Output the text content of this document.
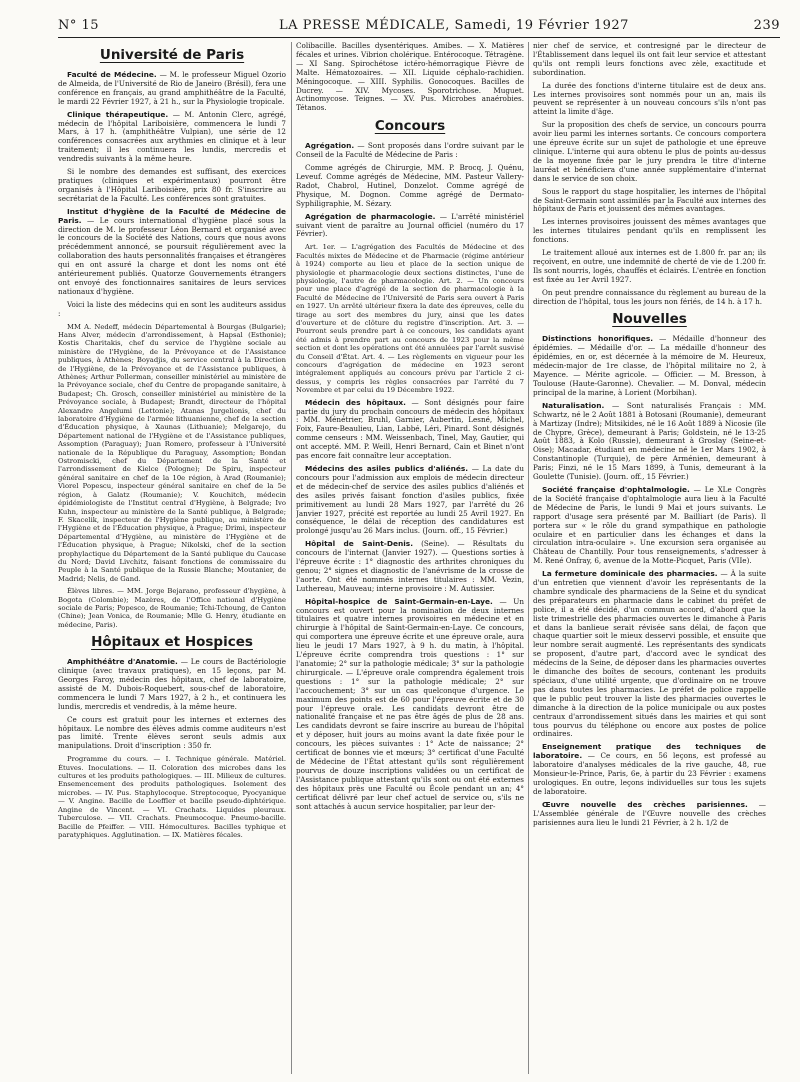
N° 15	LA PRESSE MÉDICALE, Samedi, 19 Février 1927	239
Université de Paris

Faculté de Médecine. — M. le professeur Miguel Ozorio de Almeida, de l'Université de Rio de Janeiro (Brésil), fera une conférence en français, au grand amphithéâtre de la Faculté, le mardi 22 Février 1927, à 21 h., sur la Physiologie tropicale.

Clinique thérapeutique. — M. Antonin Clerc, agrégé, médecin de l'hôpital Lariboisière, commencera le lundi 7 Mars, à 17 h. (amphithéâtre Vulpian), une série de 12 conférences consacrées aux arythmies en clinique et à leur traitement; il les continuera les lundis, mercredis et vendredis suivants à la même heure.

Si le nombre des demandes est suffisant, des exercices pratiques (cliniques et expérimentaux) pourront être organisés à l'Hôpital Lariboisière, prix 80 fr. S'inscrire au secrétariat de la Faculté. Les conférences sont gratuites.

Institut d'hygiène de la Faculté de Médecine de Paris. — Le cours international d'hygiène placé sous la direction de M. le professeur Léon Bernard et organisé avec le concours de la Société des Nations, cours que nous avons précédemment annoncé, se poursuit régulièrement avec la collaboration des hauts personnalités françaises et étrangères qui en ont assuré la charge et dont les noms ont été antérieurement publiés. Quatorze Gouvernements étrangers ont envoyé des fonctionnaires sanitaires de leurs services nationaux d'hygiène.

Voici la liste des médecins qui en sont les auditeurs assidus :

MM A. Nedeff, médecin Départemental à Bourgas (Bulgarie); Hans Alver, médecin d'arrondissement, à Hapsal (Esthonie); Kostis Charitakis, chef du service de l'hygiène sociale au ministère de l'Hygiène, de la Prévoyance et de l'Assistance publiques, à Athènes; Boyadjis, du service central à la Direction de l'Hygiène, de la Prévoyance et de l'Assistance publiques, à Athènes; Arthur Pollerman, conseiller ministériel au ministère de la Prévoyance sociale, chef du Centre de propagande sanitaire, à Budapest; Ch. Grosch, conseiller ministériel au ministère de la Prévoyance sociale, à Budapest; Brandt, directeur de l'hôpital Alexandre Angelumi (Lettonie); Atanas Jurgelionis, chef du laboratoire d'Hygiène de l'armée lithuanienne, chef de la section d'Éducation physique, à Xaunas (Lithuanie); Melgarejo, du Département national de l'Hygiène et de l'Assistance publiques, Assomption (Paraguay); Juan Romero, professeur à l'Université nationale de la République du Paraguay, Assomption; Bondan Ostromiscki, chef du Département de la Santé et l'arrondissement de Kielce (Pologne); De Spiru, inspecteur général sanitaire en chef de la 10e région, à Arad (Roumanie); Viorel Popescu, inspecteur général sanitaire en chef de la 5e région, à Galatz (Roumanie); V. Kouchitch, médecin épidémiologiste de l'Institut central d'Hygiène, à Belgrade; Ivo Kuhn, inspecteur au ministère de la Santé publique, à Belgrade; F. Skacelik, inspecteur de l'Hygiène publique, au ministère de l'Hygiène et de l'Éducation physique, à Prague; Drimi, inspecteur Départemental d'Hygiène, au ministère de l'Hygiène et de l'Éducation physique, à Prague; Nikolski, chef de la section prophylactique du Département de la Santé publique du Caucase du Nord; David Livchitz, faisant fonctions de commissaire du Peuple à la Santé publique de la Russie Blanche; Moutanier, de Madrid; Nelis, de Gand.

Élèves libres. — MM. Jorge Bejarano, professeur d'hygiène, à Bogota (Colombie); Mazères, de l'Office national d'Hygiène sociale de Paris; Popesco, de Roumanie; Tchi-Tchoung, de Canton (Chine); Jean Vonica, de Roumanie; Mlle G. Henry, étudiante en médecine, Paris).

Hôpitaux et Hospices

Amphithéâtre d'Anatomie. — Le cours de Bactériologie clinique (avec travaux pratiques), en 15 leçons, par M. Georges Faroy, médecin des hôpitaux, chef de laboratoire, assisté de M. Dubois-Roquebert, sous-chef de laboratoire, commencera le lundi 7 Mars 1927, à 2 h., et continuera les lundis, mercredis et vendredis, à la même heure.

Ce cours est gratuit pour les internes et externes des hôpitaux. Le nombre des élèves admis comme auditeurs n'est pas limité. Trente élèves seront seuls admis aux manipulations. Droit d'inscription : 350 fr.

Programme du cours. — I. Technique générale. Matériel. Étuves. Inoculations. — II. Coloration des microbes dans les cultures et les produits pathologiques. — III. Milieux de cultures. Ensemencement des produits pathologiques. Isolement des microbes. — IV. Pus. Staphylocoque. Streptocoque, Pyocyanique — V. Angine. Bacille de Loeffler et bacille pseudo-diphtérique. Angine de Vincent. — VI. Crachats. Liquides pleuraux. Tuberculose. — VII. Crachats. Pneumocoque. Pneumo-bacille. Bacille de Pfeiffer. — VIII. Hémocultures. Bacilles typhique et paratyphiques. Agglutination. — IX. Matières fécales.

Colibacille. Bacilles dysentériques. Amibes. — X. Matières fécales et urines. Vibrion cholérique. Entérocoque. Tétragène. — XI Sang. Spirochétose ictéro-hémorragique Fièvre de Malte. Hématozoaires. — XII. Liquide céphalo-rachidien. Méningocoque. — XIII. Syphilis. Gonocoques. Bacilles de Ducrey. — XIV. Mycoses. Sporotrichose. Muguet. Actinomycose. Teignes. — XV. Pus. Microbes anaérobies. Tétanos.

Concours

Agrégation. — Sont proposés dans l'ordre suivant par le Conseil de la Faculté de Médecine de Paris :

Comme agrégés de Chirurgie, MM. P. Brocq, J. Quénu, Leveuf. Comme agrégés de Médecine, MM. Pasteur Vallery-Radot, Chabrol, Hutinel, Donzelot. Comme agrégé de Physique, M. Dognon. Comme agrégé de Dermato-Syphiligraphie, M. Sézary.

Agrégation de pharmacologie. — L'arrêté ministériel suivant vient de paraître au Journal officiel (numéro du 17 Février).

Art. 1er. — L'agrégation des Facultés de Médecine et des Facultés mixtes de Médecine et de Pharmacie (régime antérieur à 1924) comporte au lieu et place de la section unique de physiologie et pharmacologie deux sections distinctes, l'une de physiologie, l'autre de pharmacologie. Art. 2. — Un concours pour une place d'agrégé de la section de pharmacologie à la Faculté de Médecine de l'Université de Paris sera ouvert à Paris en 1927. Un arrêté ultérieur fixera la date des épreuves, celle du tirage au sort des membres du jury, ainsi que les dates d'ouverture et de clôture du registre d'inscription. Art. 3. — Pourront seuls prendre part à ce concours, les candidats ayant été admis à prendre part au concours de 1923 pour la même section et dont les opérations ont été annulées par l'arrêt susvisé du Conseil d'État. Art. 4. — Les règlements en vigueur pour les concours d'agrégation de médecine en 1923 seront intégralement appliqués au concours prévu par l'article 2 ci-dessus, y compris les règles consacrées par l'arrêté du 7 Novembre et par celui du 19 Décembre 1922.

Médecin des hôpitaux. — Sont désignés pour faire partie du jury du prochain concours de médecin des hôpitaux : MM. Ménétrier, Bruhl, Garnier, Aubertin, Lesné, Michel, Foix, Faure-Beaulieu, Lian, Labbé, Léri, Pinard. Sont désignés comme censeurs : MM. Weissenbach, Tinel, May, Gautier, qui ont accepté. MM. P. Weill, Henri Bernard, Cain et Binet n'ont pas encore fait connaître leur acceptation.

Médecins des asiles publics d'aliénés. — La date du concours pour l'admission aux emplois de médecin directeur et de médecin-chef de service des asiles publics d'aliénés et des asiles privés faisant fonction d'asiles publics, fixée primitivement au lundi 28 Mars 1927, par l'arrêté du 26 Janvier 1927, précité est reportée au lundi 25 Avril 1927. En conséquence, le délai de réception des candidatures est prolongé jusqu'au 26 Mars inclus. (Journ. off., 15 Février.)

Hôpital de Saint-Denis. (Seine). — Résultats du concours de l'internat (Janvier 1927). — Questions sorties à l'épreuve écrite : 1° diagnostic des arthrites chroniques du genou; 2° signes et diagnostic de l'anévrisme de la crosse de l'aorte. Ont été nommés internes titulaires : MM. Vezin, Luthereau, Mauveau; interne provisoire : M. Autissier.

Hôpital-hospice de Saint-Germain-en-Laye. — Un concours est ouvert pour la nomination de deux internes titulaires et quatre internes provisoires en médecine et en chirurgie à l'hôpital de Saint-Germain-en-Laye. Ce concours, qui comportera une épreuve écrite et une épreuve orale, aura lieu le jeudi 17 Mars 1927, à 9 h. du matin, à l'hôpital. L'épreuve écrite comprendra trois questions : 1° sur l'anatomie; 2° sur la pathologie médicale; 3° sur la pathologie chirurgicale. — L'épreuve orale comprendra également trois questions : 1° sur la pathologie médicale; 2° sur l'accouchement; 3° sur un cas quelconque d'urgence. Le maximum des points est de 60 pour l'épreuve écrite et de 30 pour l'épreuve orale. Les candidats devront être de nationalité française et ne pas être âgés de plus de 28 ans. Les candidats devront se faire inscrire au bureau de l'hôpital et y déposer, huit jours au moins avant la date fixée pour le concours, les pièces suivantes : 1° Acte de naissance; 2° certificat de bonnes vie et mœurs; 3° certificat d'une Faculté de Médecine de l'État attestant qu'ils sont régulièrement pourvus de douze inscriptions validées ou un certificat de l'Assistance publique attestant qu'ils sont ou ont été externes des hôpitaux près une Faculté ou École pendant un an; 4° certificat délivré par leur chef actuel de service ou, s'ils ne sont attachés à aucun service hospitalier, par leur der-

nier chef de service, et contresigné par le directeur de l'Établissement dans lequel ils ont fait leur service et attestant qu'ils ont rempli leurs fonctions avec zèle, exactitude et subordination.

La durée des fonctions d'interne titulaire est de deux ans. Les internes provisoires sont nommés pour un an, mais ils peuvent se représenter à un nouveau concours s'ils n'ont pas atteint la limite d'âge.

Sur la proposition des chefs de service, un concours pourra avoir lieu parmi les internes sortants. Ce concours comportera une épreuve écrite sur un sujet de pathologie et une épreuve clinique. L'interne qui aura obtenu le plus de points au-dessus de la moyenne fixée par le jury prendra le titre d'interne lauréat et bénéficiera d'une année supplémentaire d'internat dans le service de son choix.

Sous le rapport du stage hospitalier, les internes de l'hôpital de Saint-Germain sont assimilés par la Faculté aux internes des hôpitaux de Paris et jouissent des mêmes avantages.

Les internes provisoires jouissent des mêmes avantages que les internes titulaires pendant qu'ils en remplissent les fonctions.

Le traitement alloué aux internes est de 1.800 fr. par an; ils reçoivent, en outre, une indemnité de cherté de vie de 1.200 fr. Ils sont nourris, logés, chauffés et éclairés. L'entrée en fonction est fixée au 1er Avril 1927.

On peut prendre connaissance du règlement au bureau de la direction de l'hôpital, tous les jours non fériés, de 14 h. à 17 h.

Nouvelles

Distinctions honorifiques. — Médaille d'honneur des épidémies. — Médaille d'or. — La médaille d'honneur des épidémies, en or, est décernée à la mémoire de M. Heureux, médecin-major de 1re classe, de l'hôpital militaire no 2, à Mayence. — Mérite agricole. — Officier. — M. Bresson, à Toulouse (Haute-Garonne). Chevalier. — M. Donval, médecin principal de la marine, à Lorient (Morbihan).

Naturalisation. — Sont naturalisés Français : MM. Schwartz, né le 2 Août 1881 à Botosani (Roumanie), demeurant à Martizay (Indre); Mitsikides, né le 16 Août 1889 à Nicosie (île de Chypre, Grèce), demeurant à Paris; Goldstein, né le 13-25 Août 1883, à Kolo (Russie), demeurant à Groslay (Seine-et-Oise); Macadar, étudiant en médecine né le 1er Mars 1902, à Constantinople (Turquie), de père Arménien, demeurant à Paris; Finzi, né le 15 Mars 1899, à Tunis, demeurant à la Goulette (Tunisie). (Journ. off., 15 Février.)

Société française d'ophtalmologie. — Le XLe Congrès de la Société française d'ophtalmologie aura lieu à la Faculté de Médecine de Paris, le lundi 9 Mai et jours suivants. Le rapport d'usage sera présenté par M. Bailliart (de Paris). Il portera sur « le rôle du grand sympathique en pathologie oculaire et en particulier dans les échanges et dans la circulation intra-oculaire ». Une excursion sera organisée au Château de Chantilly. Pour tous renseignements, s'adresser à M. René Onfray, 6, avenue de la Motte-Picquet, Paris (VIIe).

La fermeture dominicale des pharmacies. — À la suite d'un entretien que viennent d'avoir les représentants de la chambre syndicale des pharmaciens de la Seine et du syndicat des préparateurs en pharmacie dans le cabinet du préfet de police, il a été décidé, d'un commun accord, d'abord que la liste trimestrielle des pharmacies ouvertes le dimanche à Paris et dans la banlieue serait révisée sans délai, de façon que chaque quartier soit le mieux desservi possible, et ensuite que leur nombre serait augmenté. Les représentants des syndicats se proposent, d'autre part, d'accord avec le syndicat des médecins de la Seine, de déposer dans les pharmacies ouvertes le dimanche des boîtes de secours, contenant les produits spéciaux, d'une utilité urgente, que d'ordinaire on ne trouve pas dans toutes les pharmacies. Le préfet de police rappelle que le public peut trouver la liste des pharmacies ouvertes le dimanche à la direction de la police municipale ou aux postes centraux d'arrondissement situés dans les mairies et qui sont tous pourvus du téléphone ou encore aux postes de police ordinaires.

Enseignement pratique des techniques de laboratoire. — Ce cours, en 56 leçons, est professé au laboratoire d'analyses médicales de la rive gauche, 48, rue Monsieur-le-Prince, Paris, 6e, à partir du 23 Février : examens urologiques. En outre, leçons individuelles sur tous les sujets de laboratoire.

Œuvre nouvelle des crèches parisiennes. — L'Assemblée générale de l'Œuvre nouvelle des crèches parisiennes aura lieu le lundi 21 Février, à 2 h. 1/2 de
